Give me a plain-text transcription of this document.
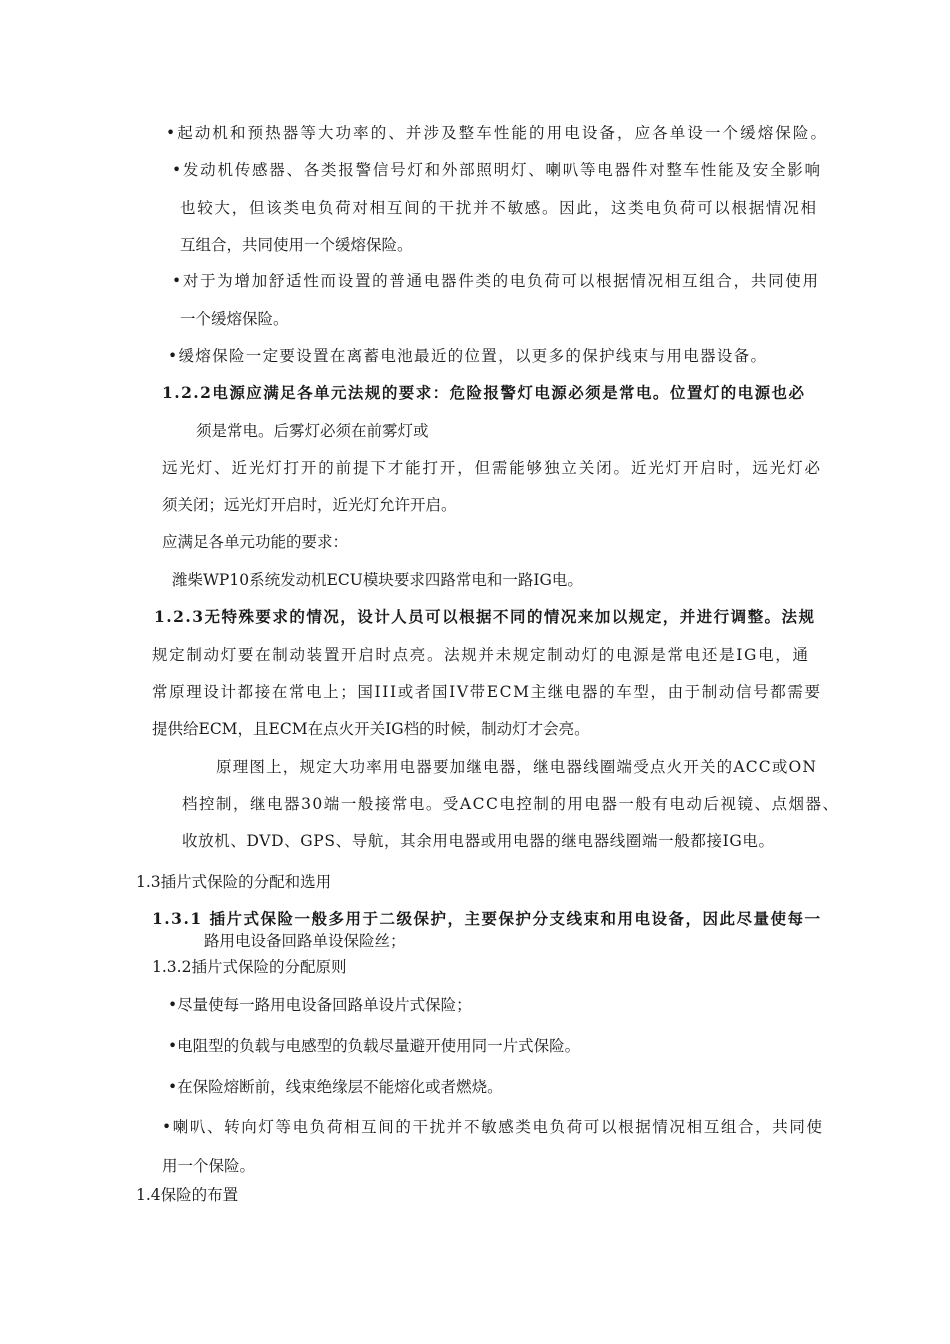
•起动机和预热器等大功率的、并涉及整车性能的用电设备，应各单设一个缓熔保险。
•发动机传感器、各类报警信号灯和外部照明灯、喇叭等电器件对整车性能及安全影响
也较大，但该类电负荷对相互间的干扰并不敏感。因此，这类电负荷可以根据情况相
互组合，共同使用一个缓熔保险。
•对于为增加舒适性而设置的普通电器件类的电负荷可以根据情况相互组合，共同使用
一个缓熔保险。
•缓熔保险一定要设置在离蓄电池最近的位置，以更多的保护线束与用电器设备。
1.2.2电源应满足各单元法规的要求：危险报警灯电源必须是常电。位置灯的电源也必
须是常电。后雾灯必须在前雾灯或
远光灯、近光灯打开的前提下才能打开，但需能够独立关闭。近光灯开启时，远光灯必
须关闭；远光灯开启时，近光灯允许开启。
应满足各单元功能的要求：
潍柴WP10系统发动机ECU模块要求四路常电和一路IG电。
1.2.3无特殊要求的情况，设计人员可以根据不同的情况来加以规定，并进行调整。法规
规定制动灯要在制动装置开启时点亮。法规并未规定制动灯的电源是常电还是IG电，通
常原理设计都接在常电上；国III或者国IV带ECM主继电器的车型，由于制动信号都需要
提供给ECM，且ECM在点火开关IG档的时候，制动灯才会亮。
原理图上，规定大功率用电器要加继电器，继电器线圈端受点火开关的ACC或ON
档控制，继电器30端一般接常电。受ACC电控制的用电器一般有电动后视镜、点烟器、
收放机、DVD、GPS、导航，其余用电器或用电器的继电器线圈端一般都接IG电。
1.3插片式保险的分配和选用
1.3.1 插片式保险一般多用于二级保护，主要保护分支线束和用电设备，因此尽量使每一
路用电设备回路单设保险丝；
1.3.2插片式保险的分配原则
•尽量使每一路用电设备回路单设片式保险；
•电阻型的负载与电感型的负载尽量避开使用同一片式保险。
•在保险熔断前，线束绝缘层不能熔化或者燃烧。
•喇叭、转向灯等电负荷相互间的干扰并不敏感类电负荷可以根据情况相互组合，共同使
用一个保险。
1.4保险的布置
